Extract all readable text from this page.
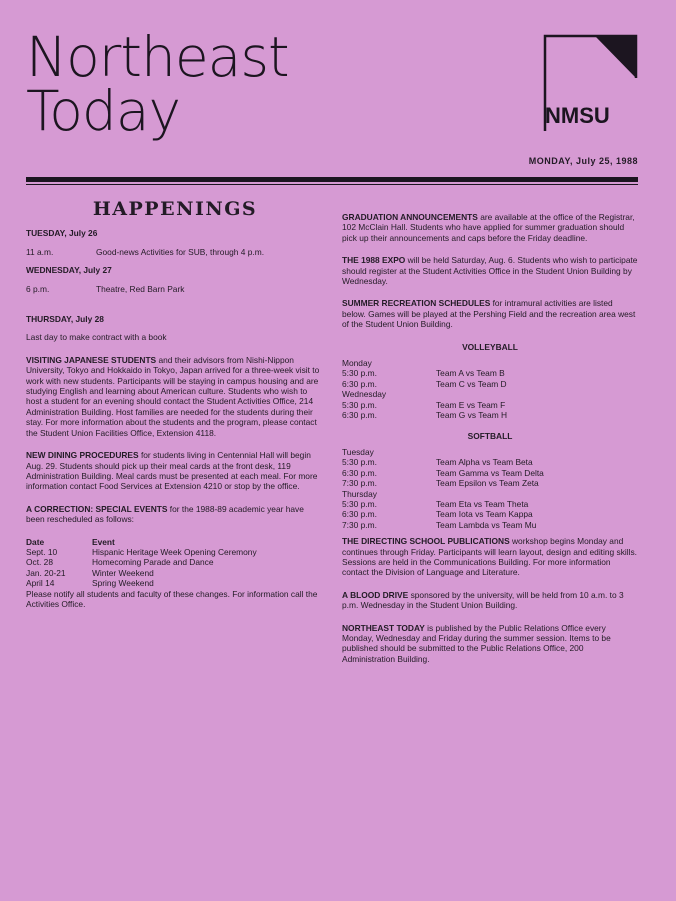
Northeast
Today	NMSU
MONDAY, July 25, 1988
HAPPENINGS
TUESDAY, July 26
11 a.m.	Good-news Activities for SUB, through 4 p.m.
WEDNESDAY, July 27
6 p.m.	Theatre, Red Barn Park
THURSDAY, July 28

Last day to make contract with a book

VISITING JAPANESE STUDENTS and their advisors from Nishi-Nippon University, Tokyo and Hokkaido in Tokyo, Japan arrived for a three-week visit to work with new students. Participants will be staying in campus housing and are studying English and learning about American culture. Students who wish to host a student for an evening should contact the Student Activities Office, 214 Administration Building. Host families are needed for the students during their stay. For more information about the students and the program, please contact the Student Union Facilities Office, Extension 4118.

NEW DINING PROCEDURES for students living in Centennial Hall will begin Aug. 29. Students should pick up their meal cards at the front desk, 119 Administration Building. Meal cards must be presented at each meal. For more information contact Food Services at Extension 4210 or stop by the office.

A CORRECTION: SPECIAL EVENTS for the 1988-89 academic year have been rescheduled as follows:

Date	Event
Sept. 10	Hispanic Heritage Week Opening Ceremony
Oct. 28	Homecoming Parade and Dance
Jan. 20-21	Winter Weekend
April 14	Spring Weekend

Please notify all students and faculty of these changes. For information call the Activities Office.

GRADUATION ANNOUNCEMENTS are available at the office of the Registrar, 102 McClain Hall. Students who have applied for summer graduation should pick up their announcements and caps before the Friday deadline.

THE 1988 EXPO will be held Saturday, Aug. 6. Students who wish to participate should register at the Student Activities Office in the Student Union Building by Wednesday.

SUMMER RECREATION SCHEDULES for intramural activities are listed below. Games will be played at the Pershing Field and the recreation area west of the Student Union Building.

VOLLEYBALL
Monday	
5:30 p.m.	Team A vs Team B
6:30 p.m.	Team C vs Team D
Wednesday	
5:30 p.m.	Team E vs Team F
6:30 p.m.	Team G vs Team H
SOFTBALL
Tuesday	
5:30 p.m.	Team Alpha vs Team Beta
6:30 p.m.	Team Gamma vs Team Delta
7:30 p.m.	Team Epsilon vs Team Zeta
Thursday	
5:30 p.m.	Team Eta vs Team Theta
6:30 p.m.	Team Iota vs Team Kappa
7:30 p.m.	Team Lambda vs Team Mu

THE DIRECTING SCHOOL PUBLICATIONS workshop begins Monday and continues through Friday. Participants will learn layout, design and editing skills. Sessions are held in the Communications Building. For more information contact the Division of Language and Literature.

A BLOOD DRIVE sponsored by the university, will be held from 10 a.m. to 3 p.m. Wednesday in the Student Union Building.

NORTHEAST TODAY is published by the Public Relations Office every Monday, Wednesday and Friday during the summer session. Items to be published should be submitted to the Public Relations Office, 200 Administration Building.
